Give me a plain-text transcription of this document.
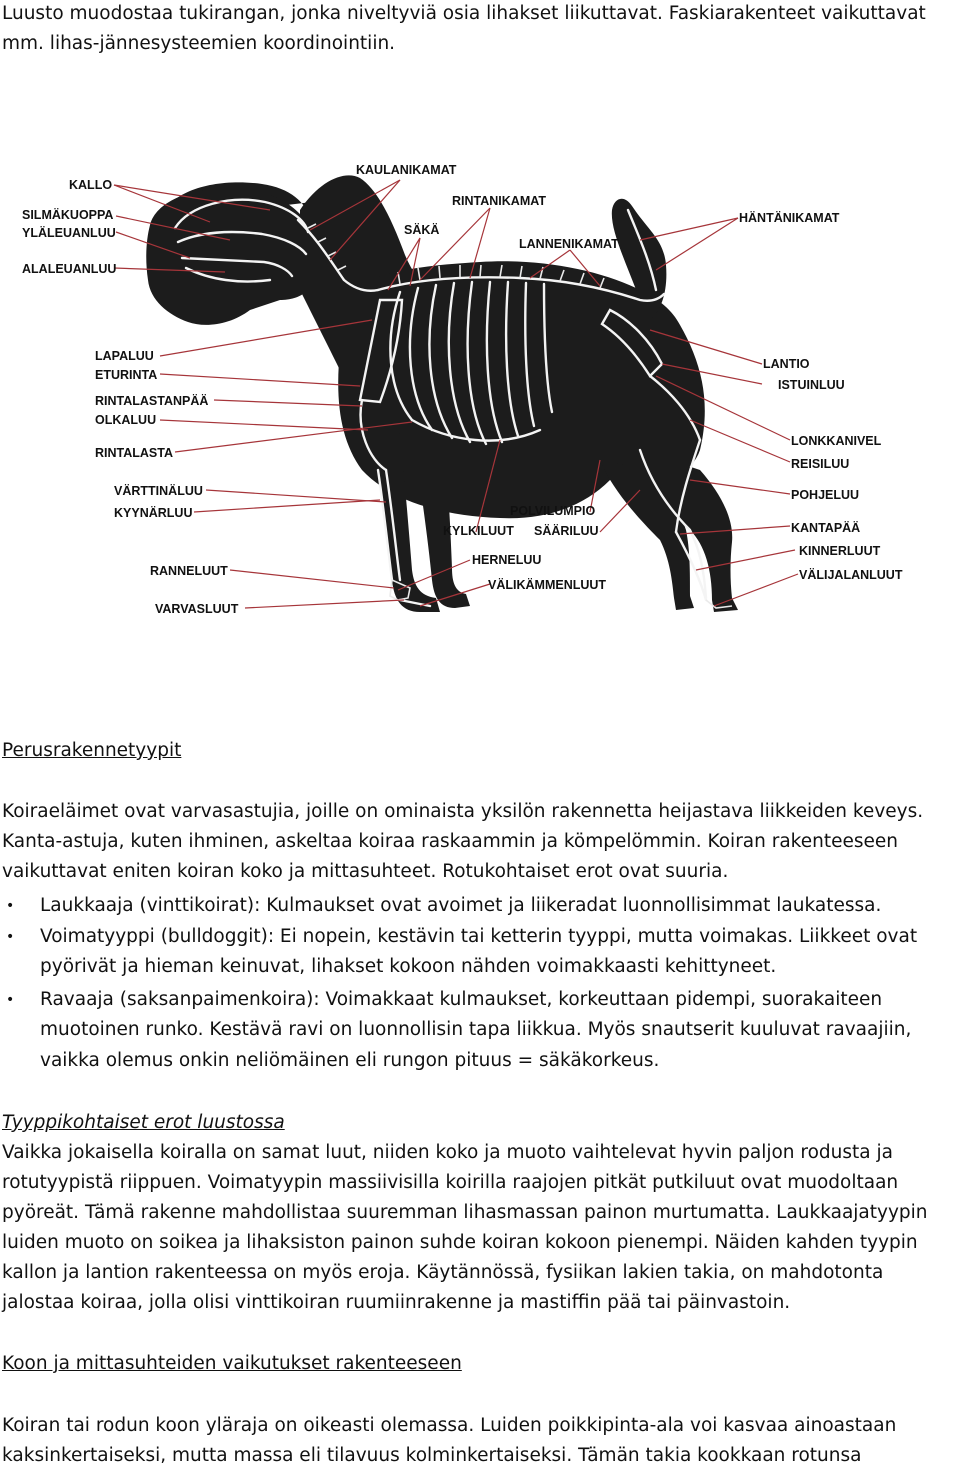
Luusto muodostaa tukirangan, jonka niveltyviä osia lihakset liikuttavat. Faskiarakenteet vaikuttavat
mm. lihas-jännesysteemien koordinointiin.
KALLO
SILMÄKUOPPA
YLÄLEUANLUU
ALALEUANLUU
KAULANIKAMAT
RINTANIKAMAT
SÄKÄ
LANNENIKAMAT
HÄNTÄNIKAMAT
LAPALUU
ETURINTA
RINTALASTANPÄÄ
OLKALUU
RINTALASTA
VÄRTTINÄLUU
KYYNÄRLUU
RANNELUUT
VARVASLUUT
LANTIO
ISTUINLUU
LONKKANIVEL
REISILUU
POHJELUU
KANTAPÄÄ
KINNERLUUT
VÄLIJALANLUUT
POLVILUMPIO
KYLKILUUT SÄÄRILUU
HERNELUU
VÄLIKÄMMENLUUT
Perusrakennetyypit
Koiraeläimet ovat varvasastujia, joille on ominaista yksilön rakennetta heijastava liikkeiden keveys.
Kanta-astuja, kuten ihminen, askeltaa koiraa raskaammin ja kömpelömmin. Koiran rakenteeseen
vaikuttavat eniten koiran koko ja mittasuhteet. Rotukohtaiset erot ovat suuria.
• Laukkaaja (vinttikoirat): Kulmaukset ovat avoimet ja liikeradat luonnollisimmat laukatessa.
• Voimatyyppi (bulldoggit): Ei nopein, kestävin tai ketterin tyyppi, mutta voimakas. Liikkeet ovat
pyörivät ja hieman keinuvat, lihakset kokoon nähden voimakkaasti kehittyneet.
• Ravaaja (saksanpaimenkoira): Voimakkaat kulmaukset, korkeuttaan pidempi, suorakaiteen
muotoinen runko. Kestävä ravi on luonnollisin tapa liikkua. Myös snautserit kuuluvat ravaajiin,
vaikka olemus onkin neliömäinen eli rungon pituus = säkäkorkeus.
Tyyppikohtaiset erot luustossa
Vaikka jokaisella koiralla on samat luut, niiden koko ja muoto vaihtelevat hyvin paljon rodusta ja
rotutyypistä riippuen. Voimatyypin massiivisilla koirilla raajojen pitkät putkiluut ovat muodoltaan
pyöreät. Tämä rakenne mahdollistaa suuremman lihasmassan painon murtumatta. Laukkaajatyypin
luiden muoto on soikea ja lihaksiston painon suhde koiran kokoon pienempi. Näiden kahden tyypin
kallon ja lantion rakenteessa on myös eroja. Käytännössä, fysiikan lakien takia, on mahdotonta
jalostaa koiraa, jolla olisi vinttikoiran ruumiinrakenne ja mastiffin pää tai päinvastoin.
Koon ja mittasuhteiden vaikutukset rakenteeseen
Koiran tai rodun koon yläraja on oikeasti olemassa. Luiden poikkipinta-ala voi kasvaa ainoastaan
kaksinkertaiseksi, mutta massa eli tilavuus kolminkertaiseksi. Tämän takia kookkaan rotunsa
